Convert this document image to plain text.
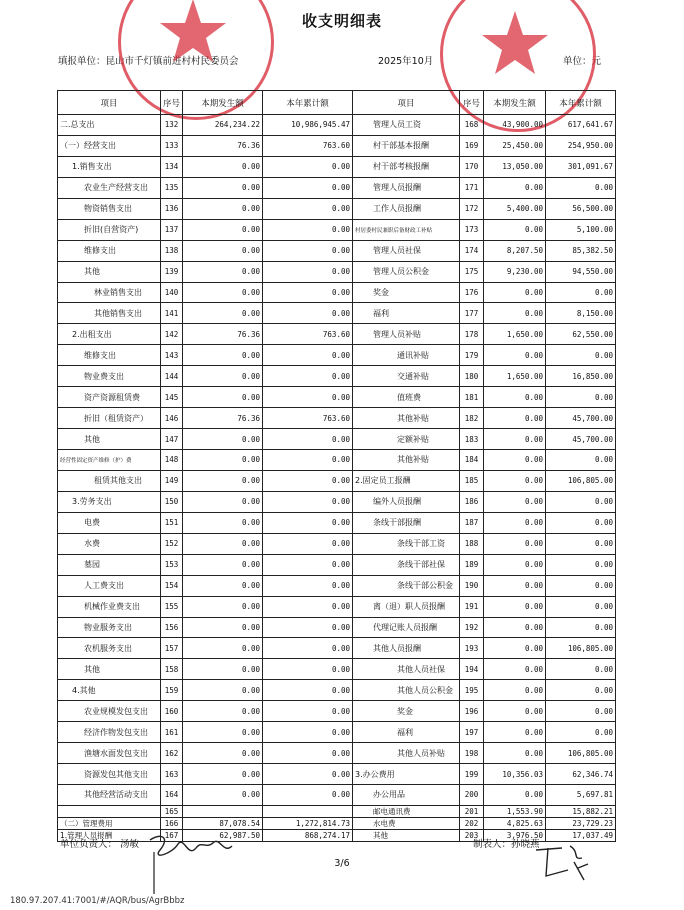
收支明细表
填报单位：昆山市千灯镇前进村村民委员会	2025年10月	单位：元
项目	序号	本期发生额	本年累计额	项目	序号	本期发生额	本年累计额
二.总支出	132	264,234.22	10,986,945.47	管理人员工资	168	43,900.00	617,641.67
（一）经营支出	133	76.36	763.60	村干部基本报酬	169	25,450.00	254,950.00
1.销售支出	134	0.00	0.00	村干部考核报酬	170	13,050.00	301,091.67
农业生产经营支出	135	0.00	0.00	管理人员报酬	171	0.00	0.00
物资销售支出	136	0.00	0.00	工作人员报酬	172	5,400.00	56,500.00
折旧(自营资产)	137	0.00	0.00	村居委村民兼职后备财政工补贴	173	0.00	5,100.00
维修支出	138	0.00	0.00	管理人员社保	174	8,207.50	85,382.50
其他	139	0.00	0.00	管理人员公积金	175	9,230.00	94,550.00
林业销售支出	140	0.00	0.00	奖金	176	0.00	0.00
其他销售支出	141	0.00	0.00	福利	177	0.00	8,150.00
2.出租支出	142	76.36	763.60	管理人员补贴	178	1,650.00	62,550.00
维修支出	143	0.00	0.00	通讯补贴	179	0.00	0.00
物业费支出	144	0.00	0.00	交通补贴	180	1,650.00	16,850.00
资产资源租赁费	145	0.00	0.00	值班费	181	0.00	0.00
折旧（租赁资产）	146	76.36	763.60	其他补贴	182	0.00	45,700.00
其他	147	0.00	0.00	定额补贴	183	0.00	45,700.00
经营性固定资产维修（护）费	148	0.00	0.00	其他补贴	184	0.00	0.00
租赁其他支出	149	0.00	0.00	2.固定员工报酬	185	0.00	106,805.00
3.劳务支出	150	0.00	0.00	编外人员报酬	186	0.00	0.00
电费	151	0.00	0.00	条线干部报酬	187	0.00	0.00
水费	152	0.00	0.00	条线干部工资	188	0.00	0.00
墓园	153	0.00	0.00	条线干部社保	189	0.00	0.00
人工费支出	154	0.00	0.00	条线干部公积金	190	0.00	0.00
机械作业费支出	155	0.00	0.00	离（退）职人员报酬	191	0.00	0.00
物业服务支出	156	0.00	0.00	代理记账人员报酬	192	0.00	0.00
农机服务支出	157	0.00	0.00	其他人员报酬	193	0.00	106,805.00
其他	158	0.00	0.00	其他人员社保	194	0.00	0.00
4.其他	159	0.00	0.00	其他人员公积金	195	0.00	0.00
农业规模发包支出	160	0.00	0.00	奖金	196	0.00	0.00
经济作物发包支出	161	0.00	0.00	福利	197	0.00	0.00
渔塘水面发包支出	162	0.00	0.00	其他人员补贴	198	0.00	106,805.00
资源发包其他支出	163	0.00	0.00	3.办公费用	199	10,356.03	62,346.74
其他经营活动支出	164	0.00	0.00	办公用品	200	0.00	5,697.81
	165			邮电通讯费	201	1,553.90	15,882.21
（二）管理费用	166	87,078.54	1,272,814.73	水电费	202	4,825.63	23,729.23
1.管理人员报酬	167	62,987.50	868,274.17	其他	203	3,976.50	17,037.49
单位负责人： 汤敏	制表人：孙晓燕
3/6
180.97.207.41:7001/#/AQR/bus/AgrBbbz
